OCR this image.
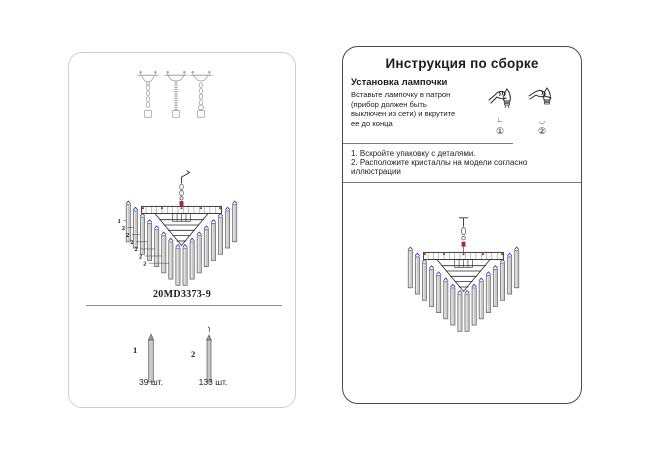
1
2
2
2
2
2
2
20MD3373-9
1
39 шт.
2
133 шт.
Инструкция по сборке
Установка лампочки
Вставьте лампочку в патрон
(прибор должен быть
выключен из сети) и вкрутите
ее до конца	∟	◡
①	②
1. Вскройте упаковку с деталями.
2. Расположите кристаллы на модели согласно
иллюстрации
